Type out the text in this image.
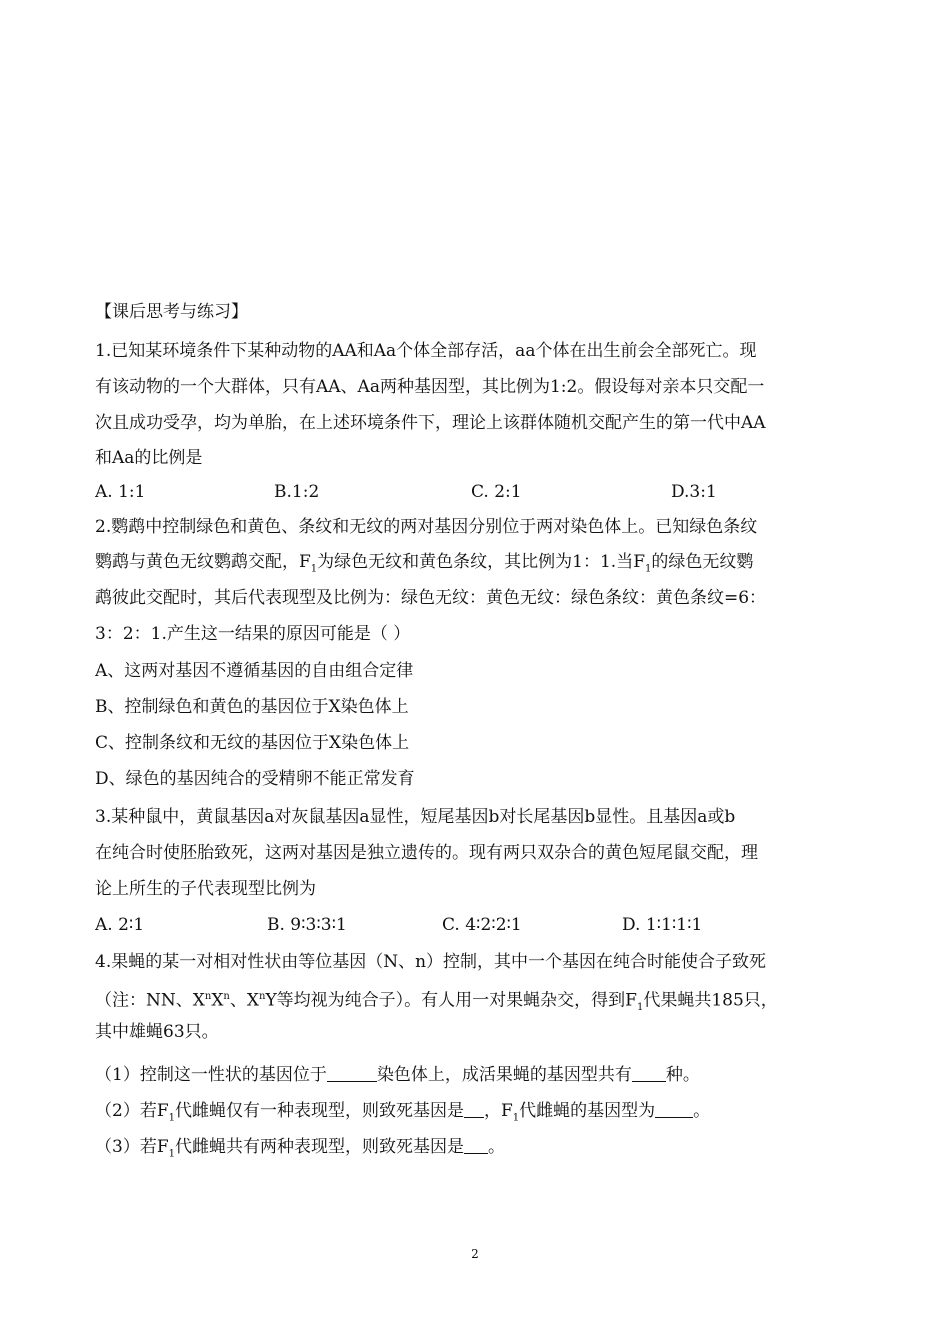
【课后思考与练习】
1.已知某环境条件下某种动物的AA和Aa个体全部存活，aa个体在出生前会全部死亡。现
有该动物的一个大群体，只有AA、Aa两种基因型，其比例为1:2。假设每对亲本只交配一
次且成功受孕，均为单胎，在上述环境条件下，理论上该群体随机交配产生的第一代中AA
和Aa的比例是
A. 1:1	B.1:2	C. 2:1	D.3:1
2.鹦鹉中控制绿色和黄色、条纹和无纹的两对基因分别位于两对染色体上。已知绿色条纹
鹦鹉与黄色无纹鹦鹉交配，$F_1$为绿色无纹和黄色条纹，其比例为1：1.当$F_1$的绿色无纹鹦
鹉彼此交配时，其后代表现型及比例为：绿色无纹：黄色无纹：绿色条纹：黄色条纹=6：
3：2：1.产生这一结果的原因可能是（ ）
A、这两对基因不遵循基因的自由组合定律
B、控制绿色和黄色的基因位于X染色体上
C、控制条纹和无纹的基因位于X染色体上
D、绿色的基因纯合的受精卵不能正常发育
3.某种鼠中，黄鼠基因a对灰鼠基因a显性，短尾基因b对长尾基因b显性。且基因a或b
在纯合时使胚胎致死，这两对基因是独立遗传的。现有两只双杂合的黄色短尾鼠交配，理
论上所生的子代表现型比例为
A. 2∶1	B. 9∶3∶3∶1	C. 4∶2∶2∶1	D. 1∶1∶1∶1
4.果蝇的某一对相对性状由等位基因（N、n）控制，其中一个基因在纯合时能使合子致死
（注：NN、$X^nX^n$、$X^nY$等均视为纯合子）。有人用一对果蝇杂交，得到$F_1$代果蝇共185只，
其中雄蝇63只。
（1）控制这一性状的基因位于	染色体上，成活果蝇的基因型共有 种。
（2）若$F_1$代雌蝇仅有一种表现型，则致死基因是 ，$F_1$代雌蝇的基因型为 。
（3）若$F_1$代雌蝇共有两种表现型，则致死基因是 。
2
